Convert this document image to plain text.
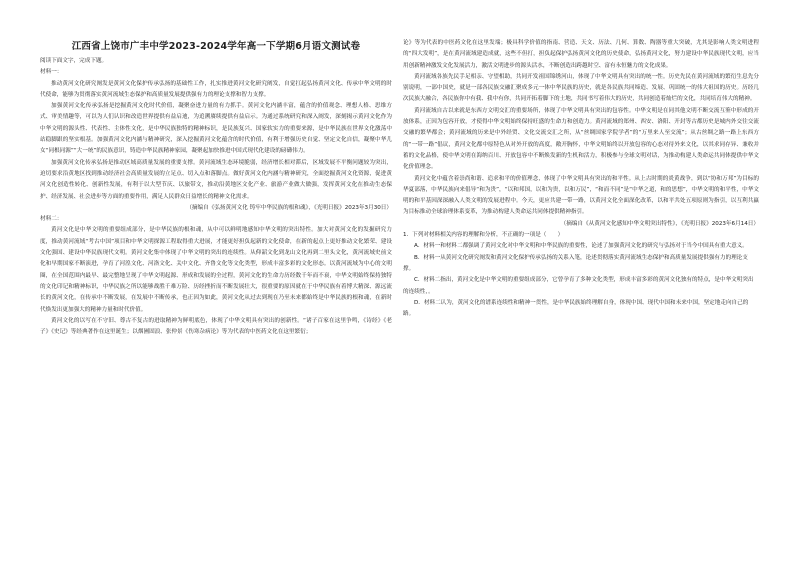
江西省上饶市广丰中学2023-2024学年高一下学期6月语文测试卷

阅读下面文字，完成下题。

材料一：

推动黄河文化研究阐发是黄河文化保护传承弘扬的基础性工作，扎实推进黄河文化研究阐发，自觉扛起弘扬黄河文化、传承中华文明的时代使命，能够为贯彻落实黄河流域生态保护和高质量发展提供强有力的理论支撑和智力支撑。

加强黄河文化传承弘扬是挖掘黄河文化时代价值，凝聚奋进力量的有力抓手。黄河文化内涵丰富，蕴含的价值观念、理想人格、思维方式、审美情趣等，可以为人们认识和改造世界提供有益启迪，为追溯赓续提供有益启示。为通过系统研究和深入阐发，深刻揭示黄河文化作为中华文明的源头性、代表性、主体性文化，是中华民族独特的精神标识，是民族复兴、国家软实力的重要来源，是中华民族在世界文化激荡中站稳脚跟的坚实根基。加强黄河文化内涵与精神研究，深入挖掘黄河文化蕴含的时代价值，有利于增强历史自觉、坚定文化自信，凝聚中华儿女“同根同源”“大一统”的民族意识，铸造中华民族精神家园，凝聚起加快推进中国式现代化建设的磅礴伟力。

加强黄河文化传承弘扬是推动区域高质量发展的重要支撑。黄河流域生态环境脆弱，经济增长相对滞后，区域发展不平衡问题较为突出，迫切要求沿黄地区找到推动经济社会高质量发展的立足点、切入点和落脚点。做好黄河文化内涵与精神研究，全面挖掘黄河文化资源，促进黄河文化创造性转化、创新性发展，有利于以大型节庆、以旅带文，推动沿黄地区文化产业、旅游产业做大做强，发挥黄河文化在推动生态保护、经济发展、社会进步等方面的重要作用，满足人民群众日益增长的精神文化需求。

（摘编自《弘扬黄河文化 铸牢中华民族的根和魂》，《光明日报》2023年3月30日）

材料二：

黄河文化是中华文明的重要组成部分，是中华民族的根和魂，从中可以鲜明地感知中华文明的突出特性。加大对黄河文化的发掘研究力度，推动黄河流域“考古中国”项目和中华文明探源工程取得重大进展，才能更好担负起新的文化使命，在新的起点上更好推动文化繁荣、建设文化强国、建设中华民族现代文明。黄河文化集中体现了中华文明的突出的连续性。从仰韶文化到龙山文化再到二里头文化，黄河流域史前文化和早期国家不断演进，孕育了河湟文化、河洛文化、关中文化、齐鲁文化等文化类型，形成丰富多彩的文化形态。以黄河流域为中心的文明圈，在全国范围内最早、最完整地呈现了中华文明起源、形成和发展的全过程，黄河文化的生命力历经数千年而不衰，中华文明始终保持独特的文化印记和精神标识，中华民族之所以能够战胜千难万险、历经挫折而不断发展壮大，很重要的原因就在于中华民族有着博大精深、源远流长的黄河文化，在传承中不断发展，在发展中不断传承，也正因为如此，黄河文化从过去到现在乃至未来都始终是中华民族的根和魂，在新时代焕发出更加强大的精神力量和时代价值。

黄河文化的以写在不守旧、尊古不复古的进取精神为鲜明底色，体现了中华文明具有突出的创新性。“诸子百家在这里争鸣，《诗经》《老子》《史记》等经典著作在这里诞生；以烟圃固浪、张仲景《伤寒杂病论》等为代表的中医药文化在这里繁衍；

论》等为代表的中医药文化在这里发端；极具科学价值的指南、营造、天文、历法、几何、算数、陶器等重大突破，尤其是影响人类文明进程的“四大发明”，是在黄河流域建造成就，这些不但打，担负起保护弘扬黄河文化的历史使命，弘扬黄河文化，努力建设中华民族现代文明，应当用创新精神激发文化发展活力，激活文明进步的源头活水，不断创造出跨越时空、富有永恒魅力的文化成果。

黄河流域各族先民手足相亲、守望相助，共同开发祖国锦绣河山，体现了中华文明具有突出的统一性。历史先民在黄河流域的繁衍生息先分别说明，一部中国史，就是一部各民族交融汇聚成多元一体中华民族的历史，就是各民族共同缔造、发展、巩固统一的伟大祖国的历史。历经几次民族大融合，各民族你中有我、我中有你，共同开拓着脚下的土地，共同书写着伟大的历史，共同创造着灿烂的文化，共同培育伟大的精神。

黄河流域自古以来就是东西方文明交汇的重要场所，体现了中华文明具有突出的包容性。中华文明是在同其他文明不断交流互鉴中形成的开放体系，正因为包容开放，才使得中华文明始终保持旺盛的生命力和创造力。黄河流域的郑州、西安、洛阳、开封等古都历史是城内外交往交流交融的繁华都会；黄河流域的历来是中外经贸、文化交流交汇之所，从“丝绸国家学院学者”的“万里来人至交流”；从古丝绸之路一路上东西方的“一带一路”倡议，黄河文化都中原特色从对外开放的高度，敞开胸怀，中华文明始终以开放包容的心态对待外来文化，以其求同存异、兼收并蓄的文化品格，使中华文明在海纳百川、开放包容中不断焕发新的生机和活力，积极参与全球文明对话，为推动构建人类命运共同体提供中华文化价值理念。

黄河文化中蕴含着崇尚和谐、追求和平的价值理念，体现了中华文明具有突出的和平性。从上古时期的炎黄战争，到以“协和万邦”为目标的华夏部落，中华民族向来倡导“和为贵”，“以和邦国，以和为贵，以和万民”，“和而不同”是“中华之道，和的思想”，中华文明的和平性，中华文明的和平基因深深融入人类文明的发展进程中。今天，更应共建一带一路，以黄河文化全面深化改革，以和平共处五项原则为指引，以互利共赢为目标推动全球治理体系变革，为推动构建人类命运共同体提供精神指引。

（摘编自《从黄河文化感知中华文明突出特性》，《光明日报》2023年6月14日）

1．下列对材料相关内容的理解和分析，不正确的一项是（　　）

A．材料一和材料二都强调了黄河文化对中华文明和中华民族的重要性，论述了加强黄河文化的研究与弘扬对于当今中国具有重大意义。

B．材料一从黄河文化研究阐发和黄河文化保护传承弘扬的关系入笔，论述贯彻落实黄河流域生态保护和高质量发展提供强有力的理论支撑。

C．材料二指出，黄河文化是中华文明的重要组成部分，它曾孕育了多种文化类型，形成丰富多彩的黄河文化独有的特点，是中华文明突出的连续性，。

D．材料二认为，黄河文化的谱系连续性和精神一贯性，是中华民族始终理解自身，体现中国、现代中国和未来中国，坚定地走向自己的路。
